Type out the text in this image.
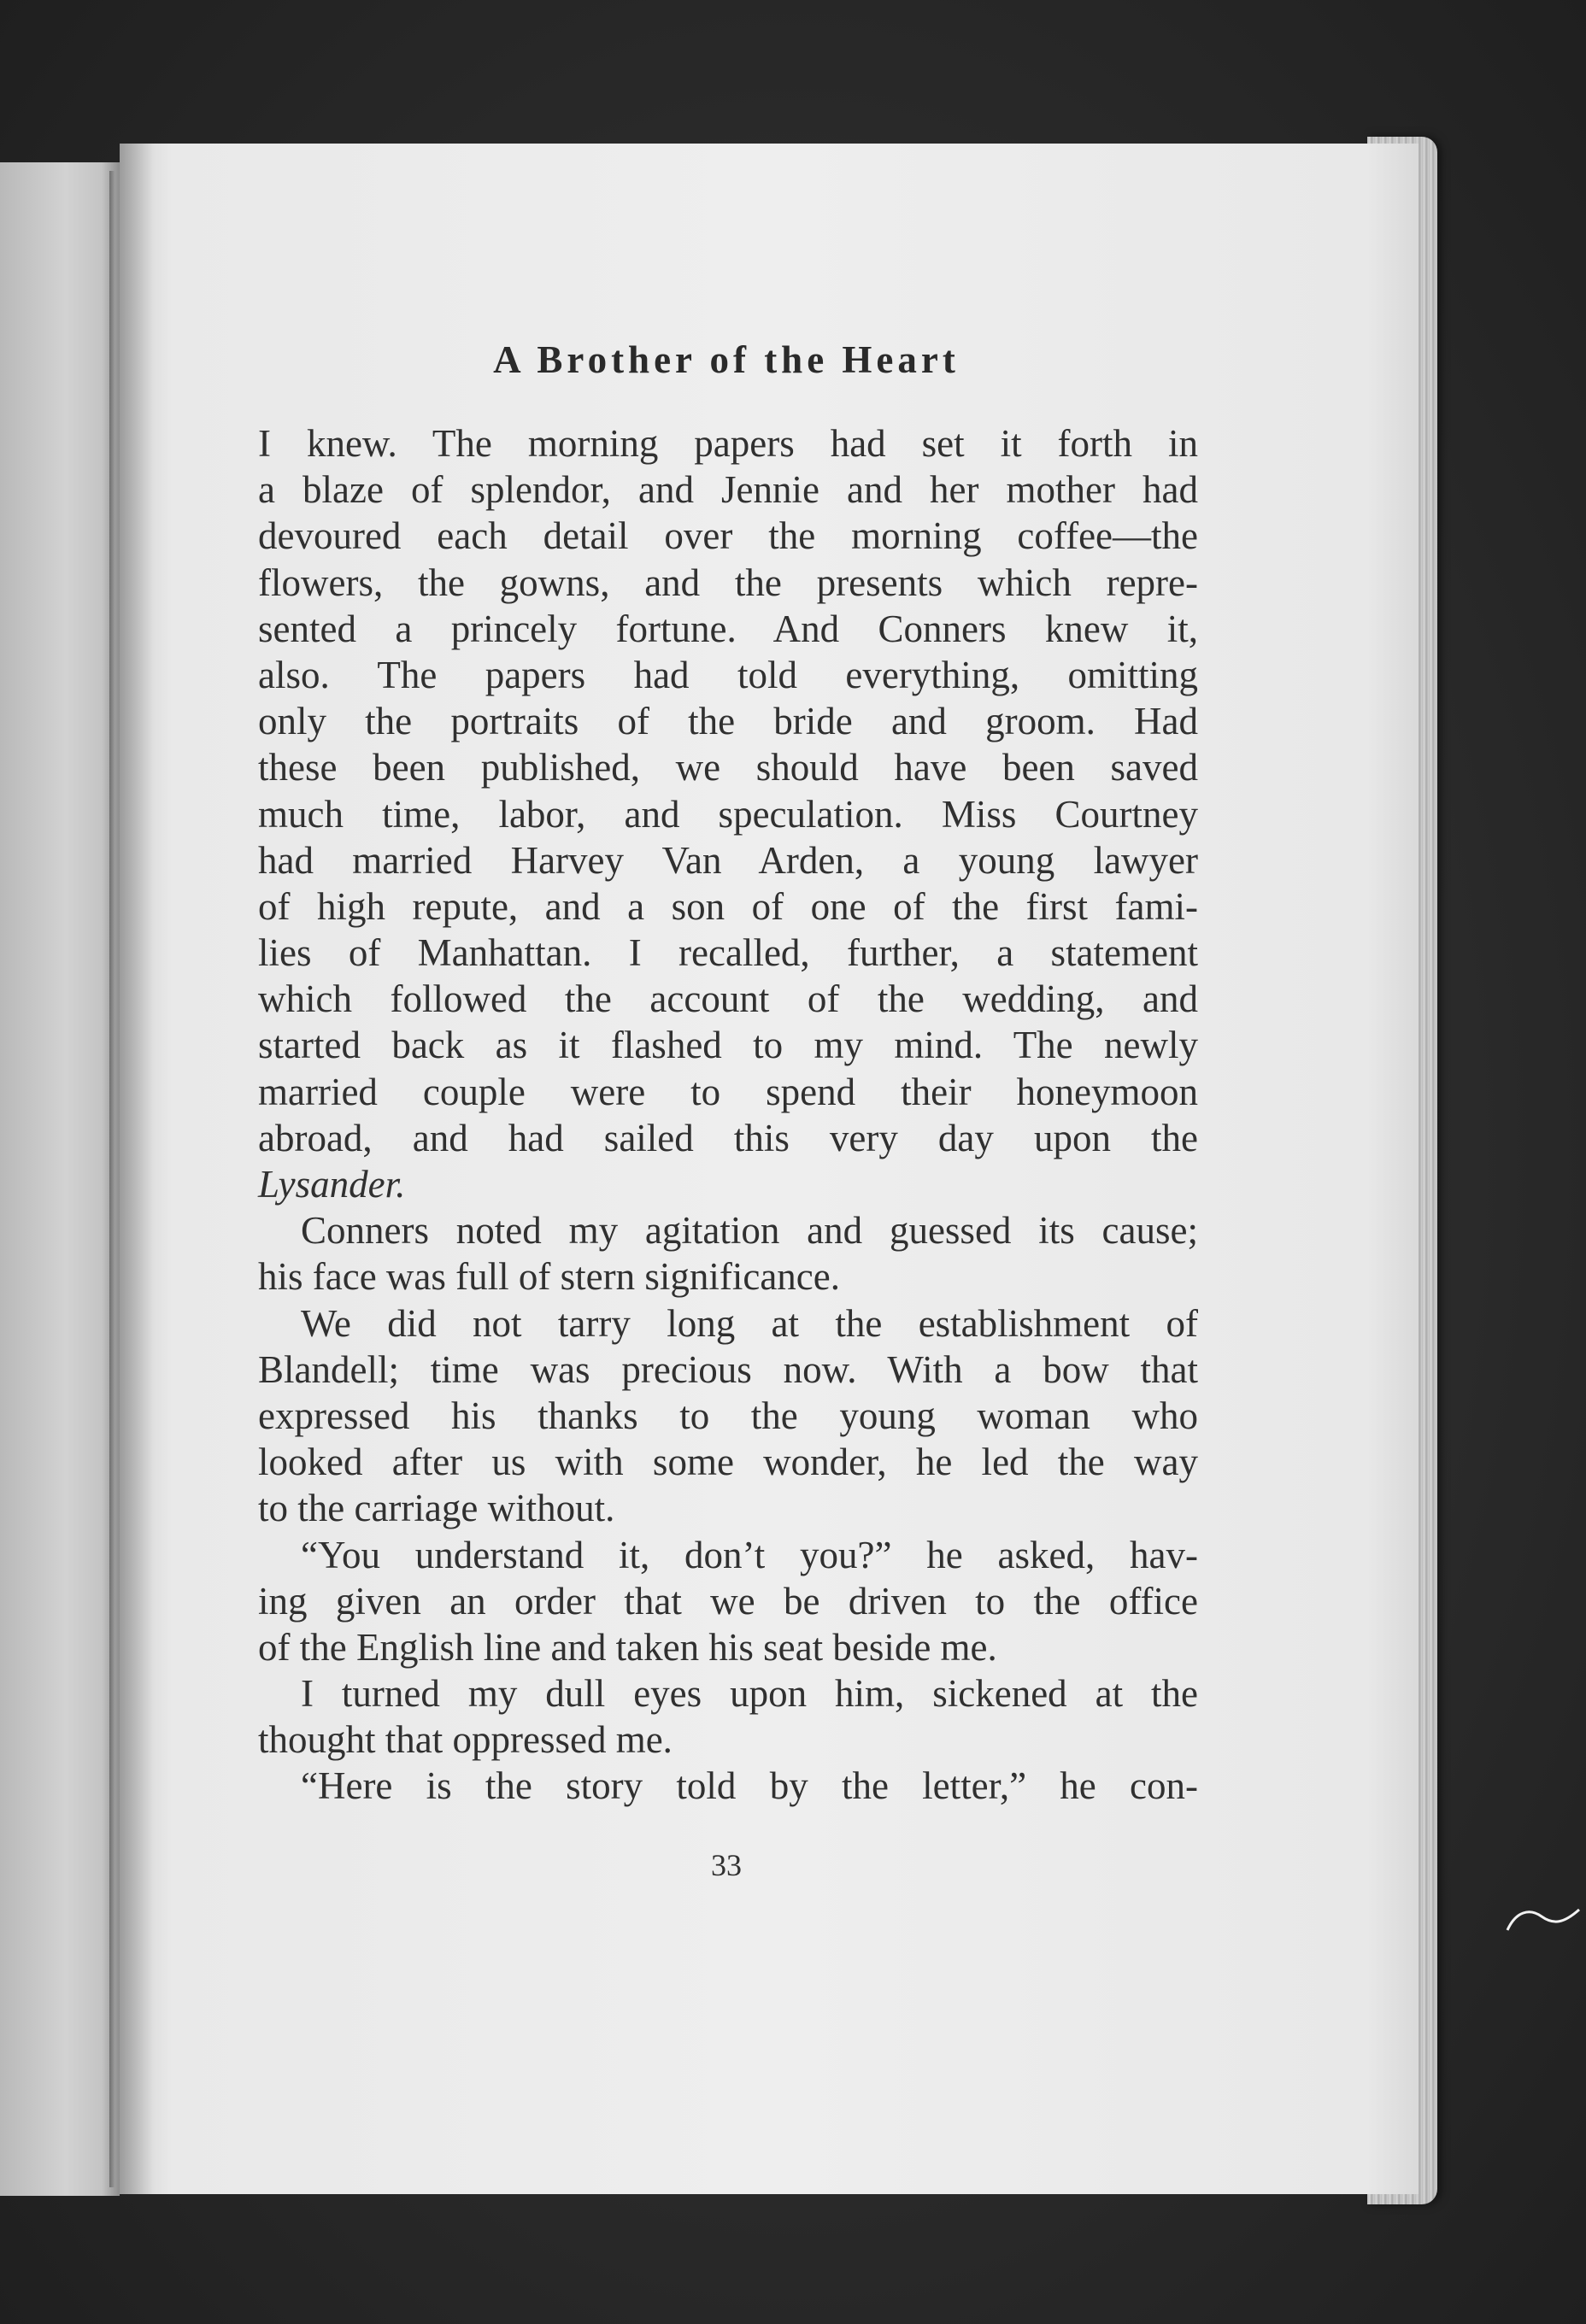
A Brother of the Heart
I knew. The morning papers had set it forth in
a blaze of splendor, and Jennie and her mother had
devoured each detail over the morning coffee—the
flowers, the gowns, and the presents which repre-
sented a princely fortune. And Conners knew it,
also. The papers had told everything, omitting
only the portraits of the bride and groom. Had
these been published, we should have been saved
much time, labor, and speculation. Miss Courtney
had married Harvey Van Arden, a young lawyer
of high repute, and a son of one of the first fami-
lies of Manhattan. I recalled, further, a statement
which followed the account of the wedding, and
started back as it flashed to my mind. The newly
married couple were to spend their honeymoon
abroad, and had sailed this very day upon the
Lysander.
Conners noted my agitation and guessed its cause;
his face was full of stern significance.
We did not tarry long at the establishment of
Blandell; time was precious now. With a bow that
expressed his thanks to the young woman who
looked after us with some wonder, he led the way
to the carriage without.
“You understand it, don’t you?” he asked, hav-
ing given an order that we be driven to the office
of the English line and taken his seat beside me.
I turned my dull eyes upon him, sickened at the
thought that oppressed me.
“Here is the story told by the letter,” he con-
33
